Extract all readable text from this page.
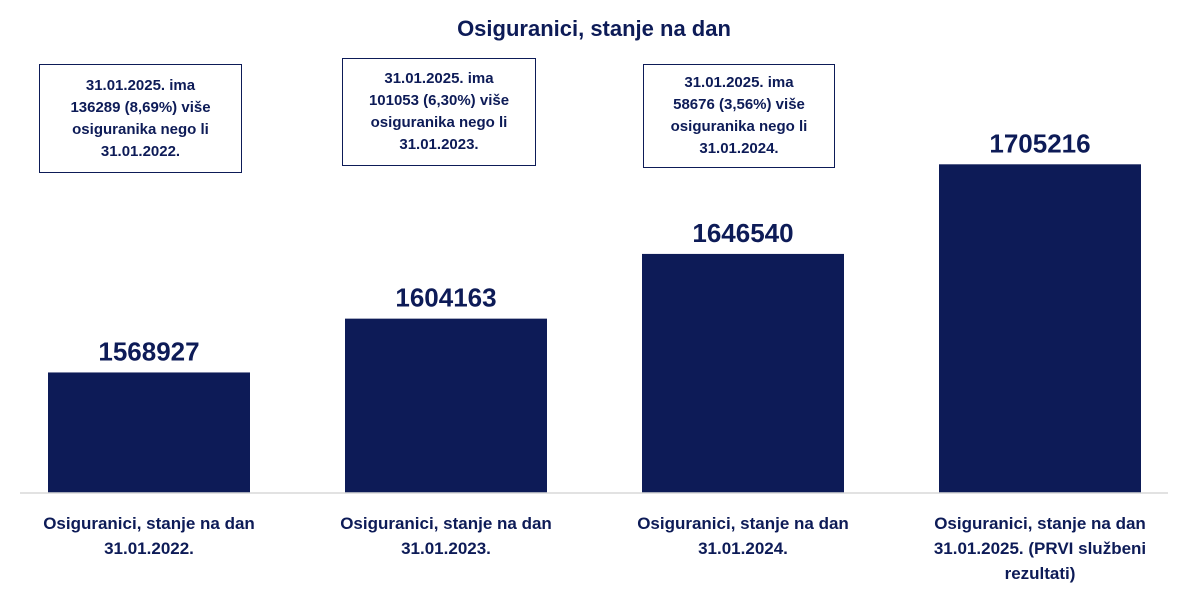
Osiguranici, stanje na dan
1568927
1604163
1646540
1705216
Osiguranici, stanje na dan 31.01.2022.
Osiguranici, stanje na dan 31.01.2023.
Osiguranici, stanje na dan 31.01.2024.
Osiguranici, stanje na dan 31.01.2025. (PRVI službeni rezultati)
31.01.2025. ima
136289 (8,69%) više
osiguranika nego li
31.01.2022.
31.01.2025. ima
101053 (6,30%) više
osiguranika nego li
31.01.2023.
31.01.2025. ima
58676 (3,56%) više
osiguranika nego li
31.01.2024.
